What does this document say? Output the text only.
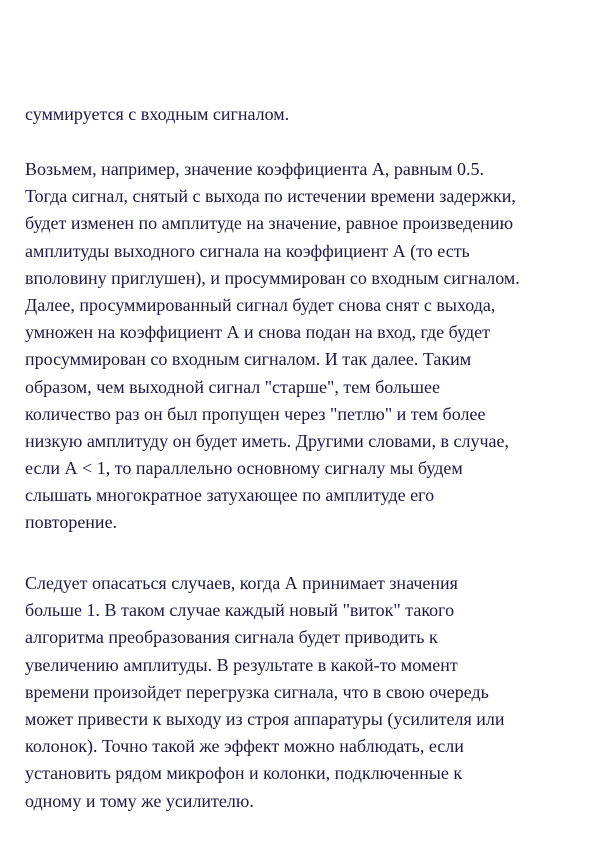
суммируется с входным сигналом.
Возьмем, например, значение коэффициента А, равным 0.5.
Тогда сигнал, снятый с выхода по истечении времени задержки,
будет изменен по амплитуде на значение, равное произведению
амплитуды выходного сигнала на коэффициент А (то есть
вполовину приглушен), и просуммирован со входным сигналом.
Далее, просуммированный сигнал будет снова снят с выхода,
умножен на коэффициент А и снова подан на вход, где будет
просуммирован со входным сигналом. И так далее. Таким
образом, чем выходной сигнал "старше", тем большее
количество раз он был пропущен через "петлю" и тем более
низкую амплитуду он будет иметь. Другими словами, в случае,
если А < 1, то параллельно основному сигналу мы будем
слышать многократное затухающее по амплитуде его
повторение.
Следует опасаться случаев, когда А принимает значения
больше 1. В таком случае каждый новый "виток" такого
алгоритма преобразования сигнала будет приводить к
увеличению амплитуды. В результате в какой-то момент
времени произойдет перегрузка сигнала, что в свою очередь
может привести к выходу из строя аппаратуры (усилителя или
колонок). Точно такой же эффект можно наблюдать, если
установить рядом микрофон и колонки, подключенные к
одному и тому же усилителю.
